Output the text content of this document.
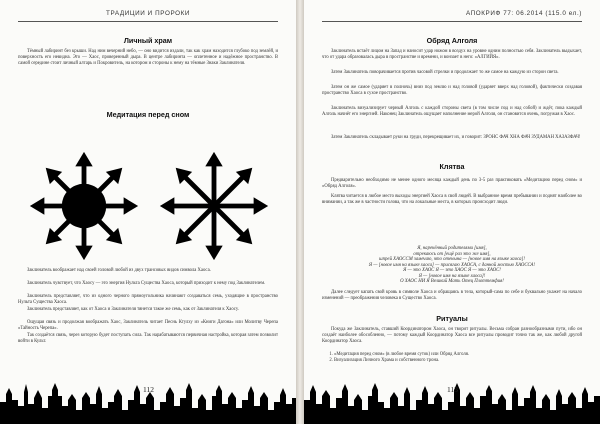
ТРАДИЦИИ И ПРОРОКИ
Личный храм
Тёмный лабиринт без крыши. Над ним вечерний небо, — оно видится издали, так как храм находится глубоко под землёй, и поверхность его невидна. Это — Хаос, проверенный дыра. В центре лабиринта — оплетенное и надёжное пространство. В самой середине стоит личный алтарь и Покровитель, на котором и стороны к нему на тёмные Знаки Заклинателя.
Медитация перед сном
Заклинатель воображает над своей головой любой из двух трансовых видов символа Хаоса.
Заклинатель чувствует, что Хаосу — это энергия Нульта Существа Хаоса, который приходит к нему под Заклинателем.
Заклинатель представляет, что из одного черного прямоугольника начинают создаваться семь, уходящие в пространство Нульта Существа Хаоса.
Заклинатель представляет, как от Хаоса и Заклинателя тянется такое же семь, как от Заклинателя к Хаосу.
Ощущая связь и продолжая воображать Хаос, Заклинатель читает Песнь Ктулху из «Книги Дагона» или Молитву Черепа «Тайность Черепа».
Так создаётся связь, через которую будет поступать сила. Так нарабатываются первичная настройка, которая затем позволит войти в Культ.
112
АПОКРИФ 77: 06.2014 (115.0 ел.)
Обряд Алголя
Заклинатель встаёт лицом на Запад и наносит удар ножом в воздух на уровне одним полностью себя. Заклинатель выдыхает, что от удара образовалась дыра в пространстве и времени, и вонзает в него: «АЛГИЙЯ».
Затем Заклинатель поворачивается против часовой стрелки и продолжает то же самое на каждую из сторон света.
Затем он же самое (ударяет в полночь) вниз под землю и над головой (ударяет вверх над головой), фактически создавая пространство Хаоса в сухое пространство.
Заклинатель визуализирует черный Алголь с каждой стороны света (в том числе под и над собой) и ждёт, пока каждый Алголь начнёт его энергией. Наконец Заклинатель ощущает наполнение мерой Алголя, он становится очень, погружая в Хаос.
Затем Заклинатель складывает руки на груди, перекрещивает их, и говорит: ЗРОНС ФАЧ ХНА ФАЧ ЗУДАМАН ХАЗАЗФАЧ!
Клятва
Предварительно необходимо не менее одного месяца каждый день по 3-5 раз практиковать «Медитацию перед сном» и «Обряд Алголя».
Клятва читается в любое место выходы энергией Хаоса в свой людей. В выбранное время пребывании и поднят наиболее во внимании, а так же в частности голова, что на локальные места, в которых происходит люди.
Я, нарекённый родителями [имя],
отрекаюсь от [ещё раз это же имя],
шпрей ХАОССМ замечаю, что отенына — [новое имя на языке хаоса]!
Я — [новое имя на языке хаоса] — присягаю ХАОСА, с данной мостью ХАОССА!
Я — это ХАОС Я — это ХАОС Я — это ХАОС!
Я — [новое имя на языке хаоса]!
О ХАОС НИ Я Великий Мать Отец Плоттемфия!
Далее следует капать свой кровь в символе Хаоса и обращаясь в тела, который-сама по себе и буквально укажет на начало изменений — преображения человека в Существо Хаоса.
Ритуалы
Покуда же Заклинатель, ставший Координатором Хаоса, он творит ритуалы. Весьма собран разнообразными пути, ибо он создаёт наиболее обособленно, — потому каждый Координатор Хаоса все ритуалы проводит точно так же, как любой другой Координатор Хаоса.
1. «Медитация перед сном» (в любое время суток) или Обряд Алголя.
2. Визуализация Личного Храма и собственного трона.
113
